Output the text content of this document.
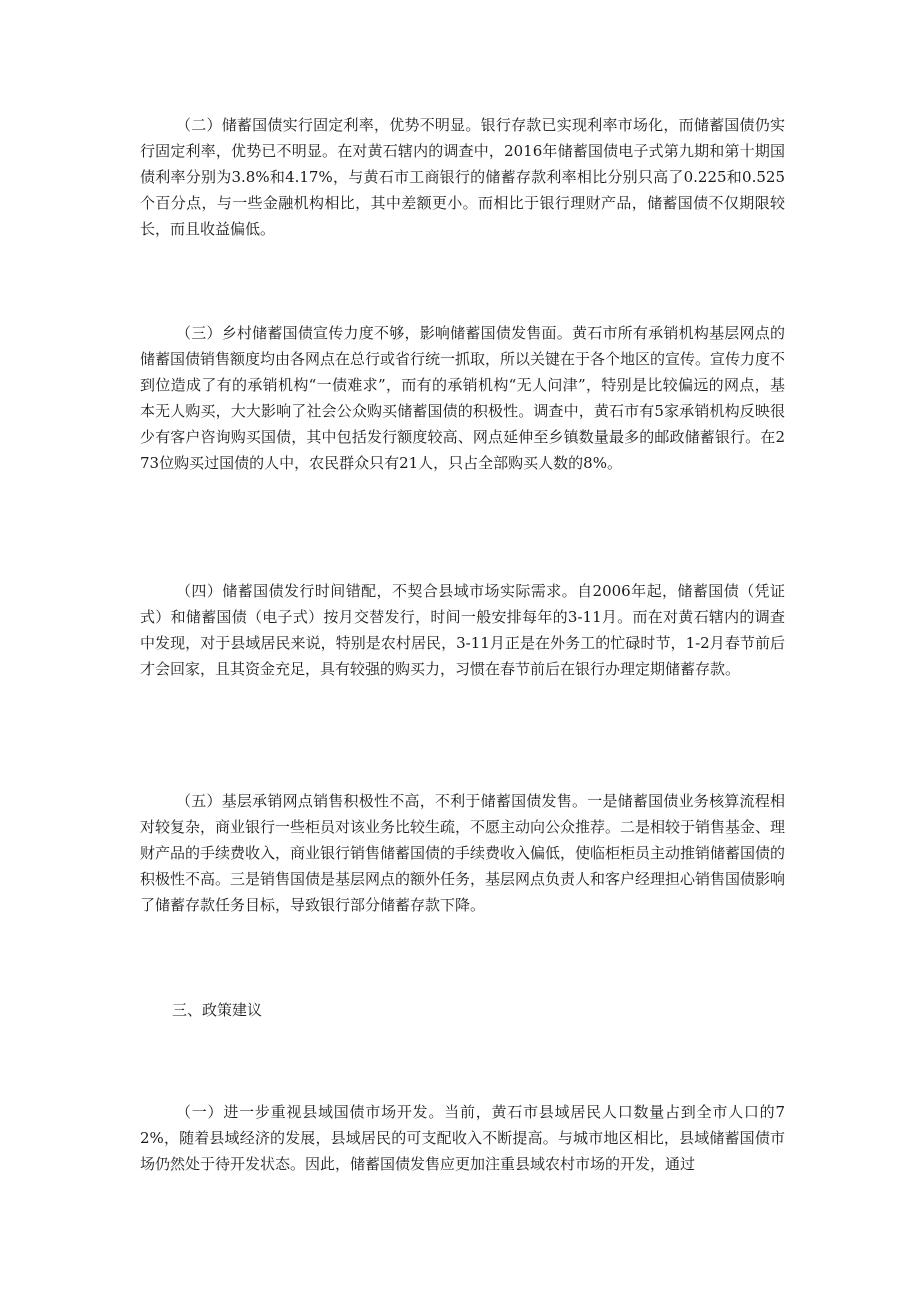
（二）储蓄国债实行固定利率，优势不明显。银行存款已实现利率市场化，而储蓄国债仍实行固定利率，优势已不明显。在对黄石辖内的调查中，2016年储蓄国债电子式第九期和第十期国债利率分别为3.8%和4.17%，与黄石市工商银行的储蓄存款利率相比分别只高了0.225和0.525个百分点，与一些金融机构相比，其中差额更小。而相比于银行理财产品，储蓄国债不仅期限较长，而且收益偏低。

（三）乡村储蓄国债宣传力度不够，影响储蓄国债发售面。黄石市所有承销机构基层网点的储蓄国债销售额度均由各网点在总行或省行统一抓取，所以关键在于各个地区的宣传。宣传力度不到位造成了有的承销机构“一债难求”，而有的承销机构“无人问津”，特别是比较偏远的网点，基本无人购买，大大影响了社会公众购买储蓄国债的积极性。调查中，黄石市有5家承销机构反映很少有客户咨询购买国债，其中包括发行额度较高、网点延伸至乡镇数量最多的邮政储蓄银行。在273位购买过国债的人中，农民群众只有21人，只占全部购买人数的8%。

（四）储蓄国债发行时间错配，不契合县域市场实际需求。自2006年起，储蓄国债（凭证式）和储蓄国债（电子式）按月交替发行，时间一般安排每年的3-11月。而在对黄石辖内的调查中发现，对于县域居民来说，特别是农村居民，3-11月正是在外务工的忙碌时节，1-2月春节前后才会回家，且其资金充足，具有较强的购买力，习惯在春节前后在银行办理定期储蓄存款。

（五）基层承销网点销售积极性不高，不利于储蓄国债发售。一是储蓄国债业务核算流程相对较复杂，商业银行一些柜员对该业务比较生疏，不愿主动向公众推荐。二是相较于销售基金、理财产品的手续费收入，商业银行销售储蓄国债的手续费收入偏低，使临柜柜员主动推销储蓄国债的积极性不高。三是销售国债是基层网点的额外任务，基层网点负责人和客户经理担心销售国债影响了储蓄存款任务目标，导致银行部分储蓄存款下降。

三、政策建议

（一）进一步重视县域国债市场开发。当前，黄石市县域居民人口数量占到全市人口的72%，随着县域经济的发展，县域居民的可支配收入不断提高。与城市地区相比，县域储蓄国债市场仍然处于待开发状态。因此，储蓄国债发售应更加注重县域农村市场的开发，通过
